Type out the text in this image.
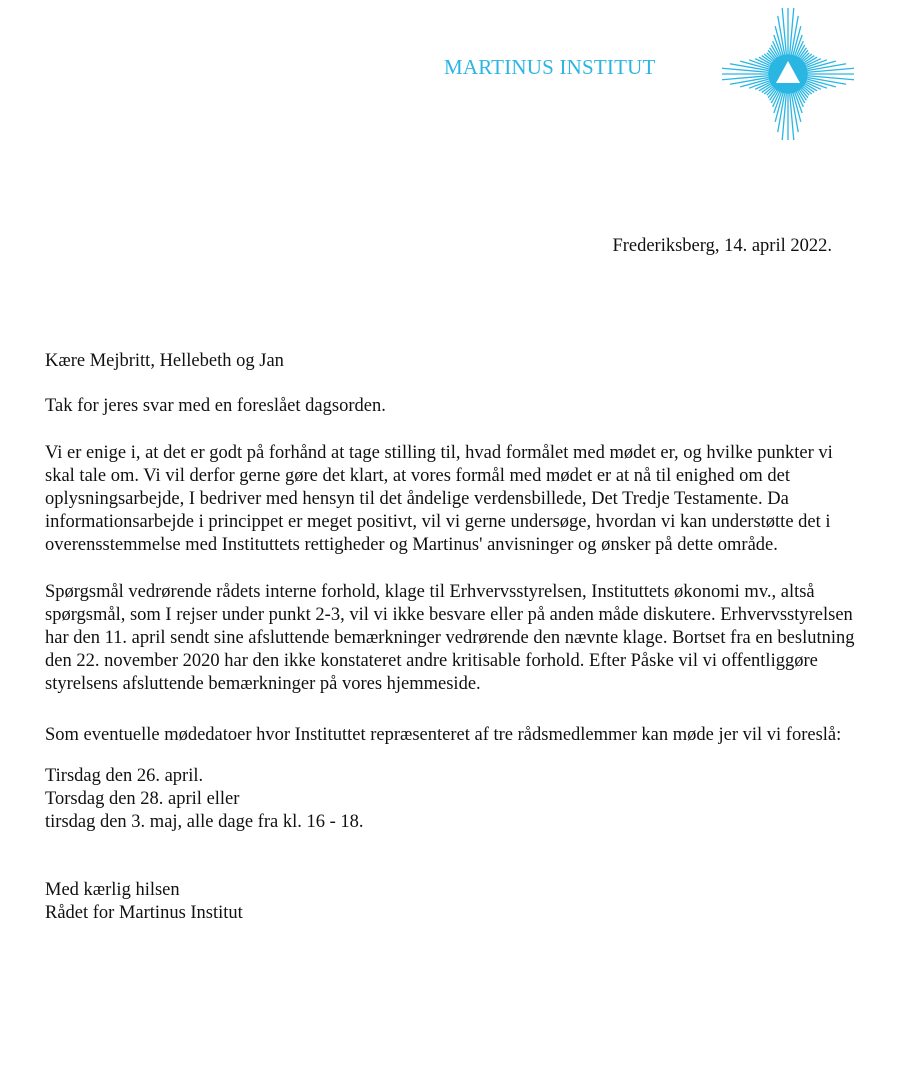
MARTINUS INSTITUT
Frederiksberg, 14. april 2022.

Kære Mejbritt, Hellebeth og Jan

Tak for jeres svar med en foreslået dagsorden.

Vi er enige i, at det er godt på forhånd at tage stilling til, hvad formålet med mødet er, og hvilke punkter vi skal tale om. Vi vil derfor gerne gøre det klart, at vores formål med mødet er at nå til enighed om det oplysningsarbejde, I bedriver med hensyn til det åndelige verdensbillede, Det Tredje Testamente. Da informationsarbejde i princippet er meget positivt, vil vi gerne undersøge, hvordan vi kan understøtte det i overensstemmelse med Instituttets rettigheder og Martinus' anvisninger og ønsker på dette område.

Spørgsmål vedrørende rådets interne forhold, klage til Erhvervsstyrelsen, Instituttets økonomi mv., altså spørgsmål, som I rejser under punkt 2-3, vil vi ikke besvare eller på anden måde diskutere. Erhvervsstyrelsen har den 11. april sendt sine afsluttende bemærkninger vedrørende den nævnte klage. Bortset fra en beslutning den 22. november 2020 har den ikke konstateret andre kritisable forhold. Efter Påske vil vi offentliggøre styrelsens afsluttende bemærkninger på vores hjemmeside.

Som eventuelle mødedatoer hvor Instituttet repræsenteret af tre rådsmedlemmer kan møde jer vil vi foreslå:

Tirsdag den 26. april.
Torsdag den 28. april eller
tirsdag den 3. maj, alle dage fra kl. 16 - 18.

Med kærlig hilsen

Rådet for Martinus Institut
